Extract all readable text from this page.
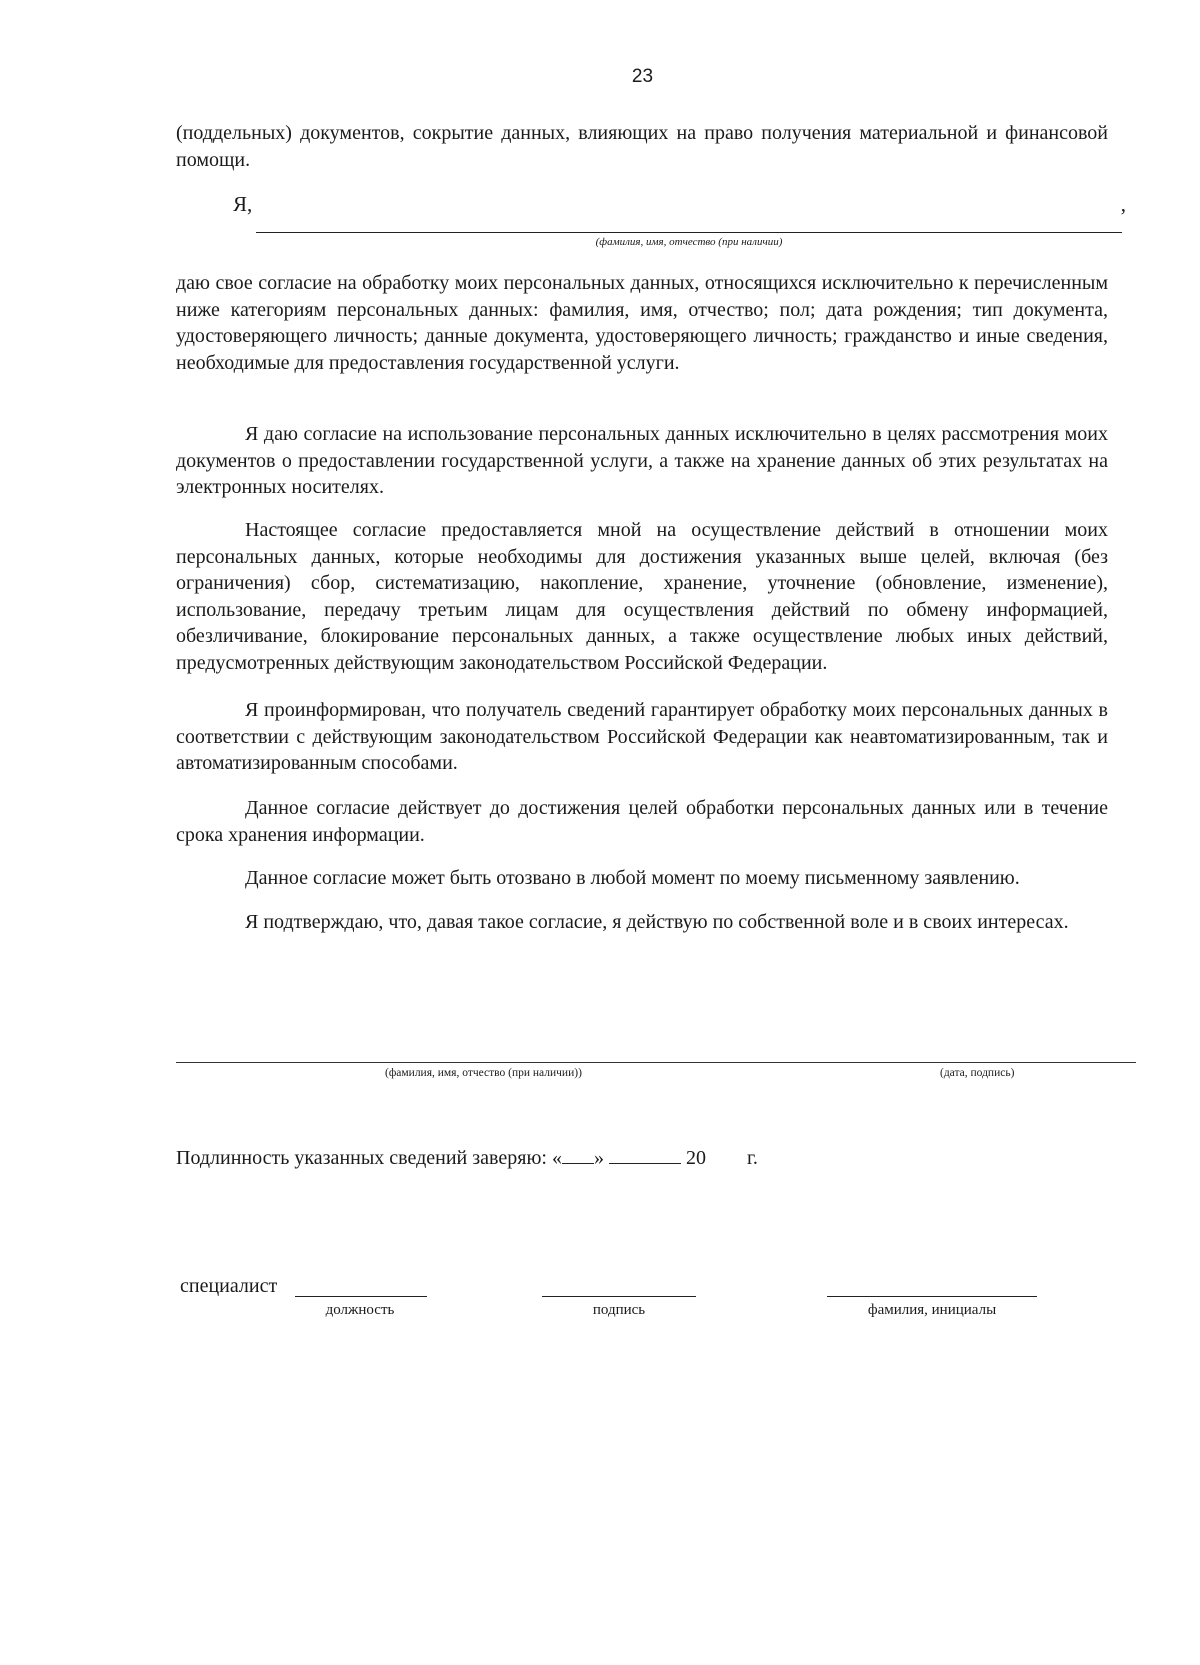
23
(поддельных) документов, сокрытие данных, влияющих на право получения материальной и финансовой помощи.
Я,	,
(фамилия, имя, отчество (при наличии)
даю свое согласие на обработку моих персональных данных, относящихся исключительно к перечисленным ниже категориям персональных данных: фамилия, имя, отчество; пол; дата рождения; тип документа, удостоверяющего личность; данные документа, удостоверяющего личность; гражданство и иные сведения, необходимые для предоставления государственной услуги.
Я даю согласие на использование персональных данных исключительно в целях рассмотрения моих документов о предоставлении государственной услуги, а также на хранение данных об этих результатах на электронных носителях.
Настоящее согласие предоставляется мной на осуществление действий в отношении моих персональных данных, которые необходимы для достижения указанных выше целей, включая (без ограничения) сбор, систематизацию, накопление, хранение, уточнение (обновление, изменение), использование, передачу третьим лицам для осуществления действий по обмену информацией, обезличивание, блокирование персональных данных, а также осуществление любых иных действий, предусмотренных действующим законодательством Российской Федерации.
Я проинформирован, что получатель сведений гарантирует обработку моих персональных данных в соответствии с действующим законодательством Российской Федерации как неавтоматизированным, так и автоматизированным способами.
Данное согласие действует до достижения целей обработки персональных данных или в течение срока хранения информации.
Данное согласие может быть отозвано в любой момент по моему письменному заявлению.
Я подтверждаю, что, давая такое согласие, я действую по собственной воле и в своих интересах.
(фамилия, имя, отчество (при наличии))	(дата, подпись)
Подлинность указанных сведений заверяю: « »	20 г.
специалист
должность	подпись	фамилия, инициалы
